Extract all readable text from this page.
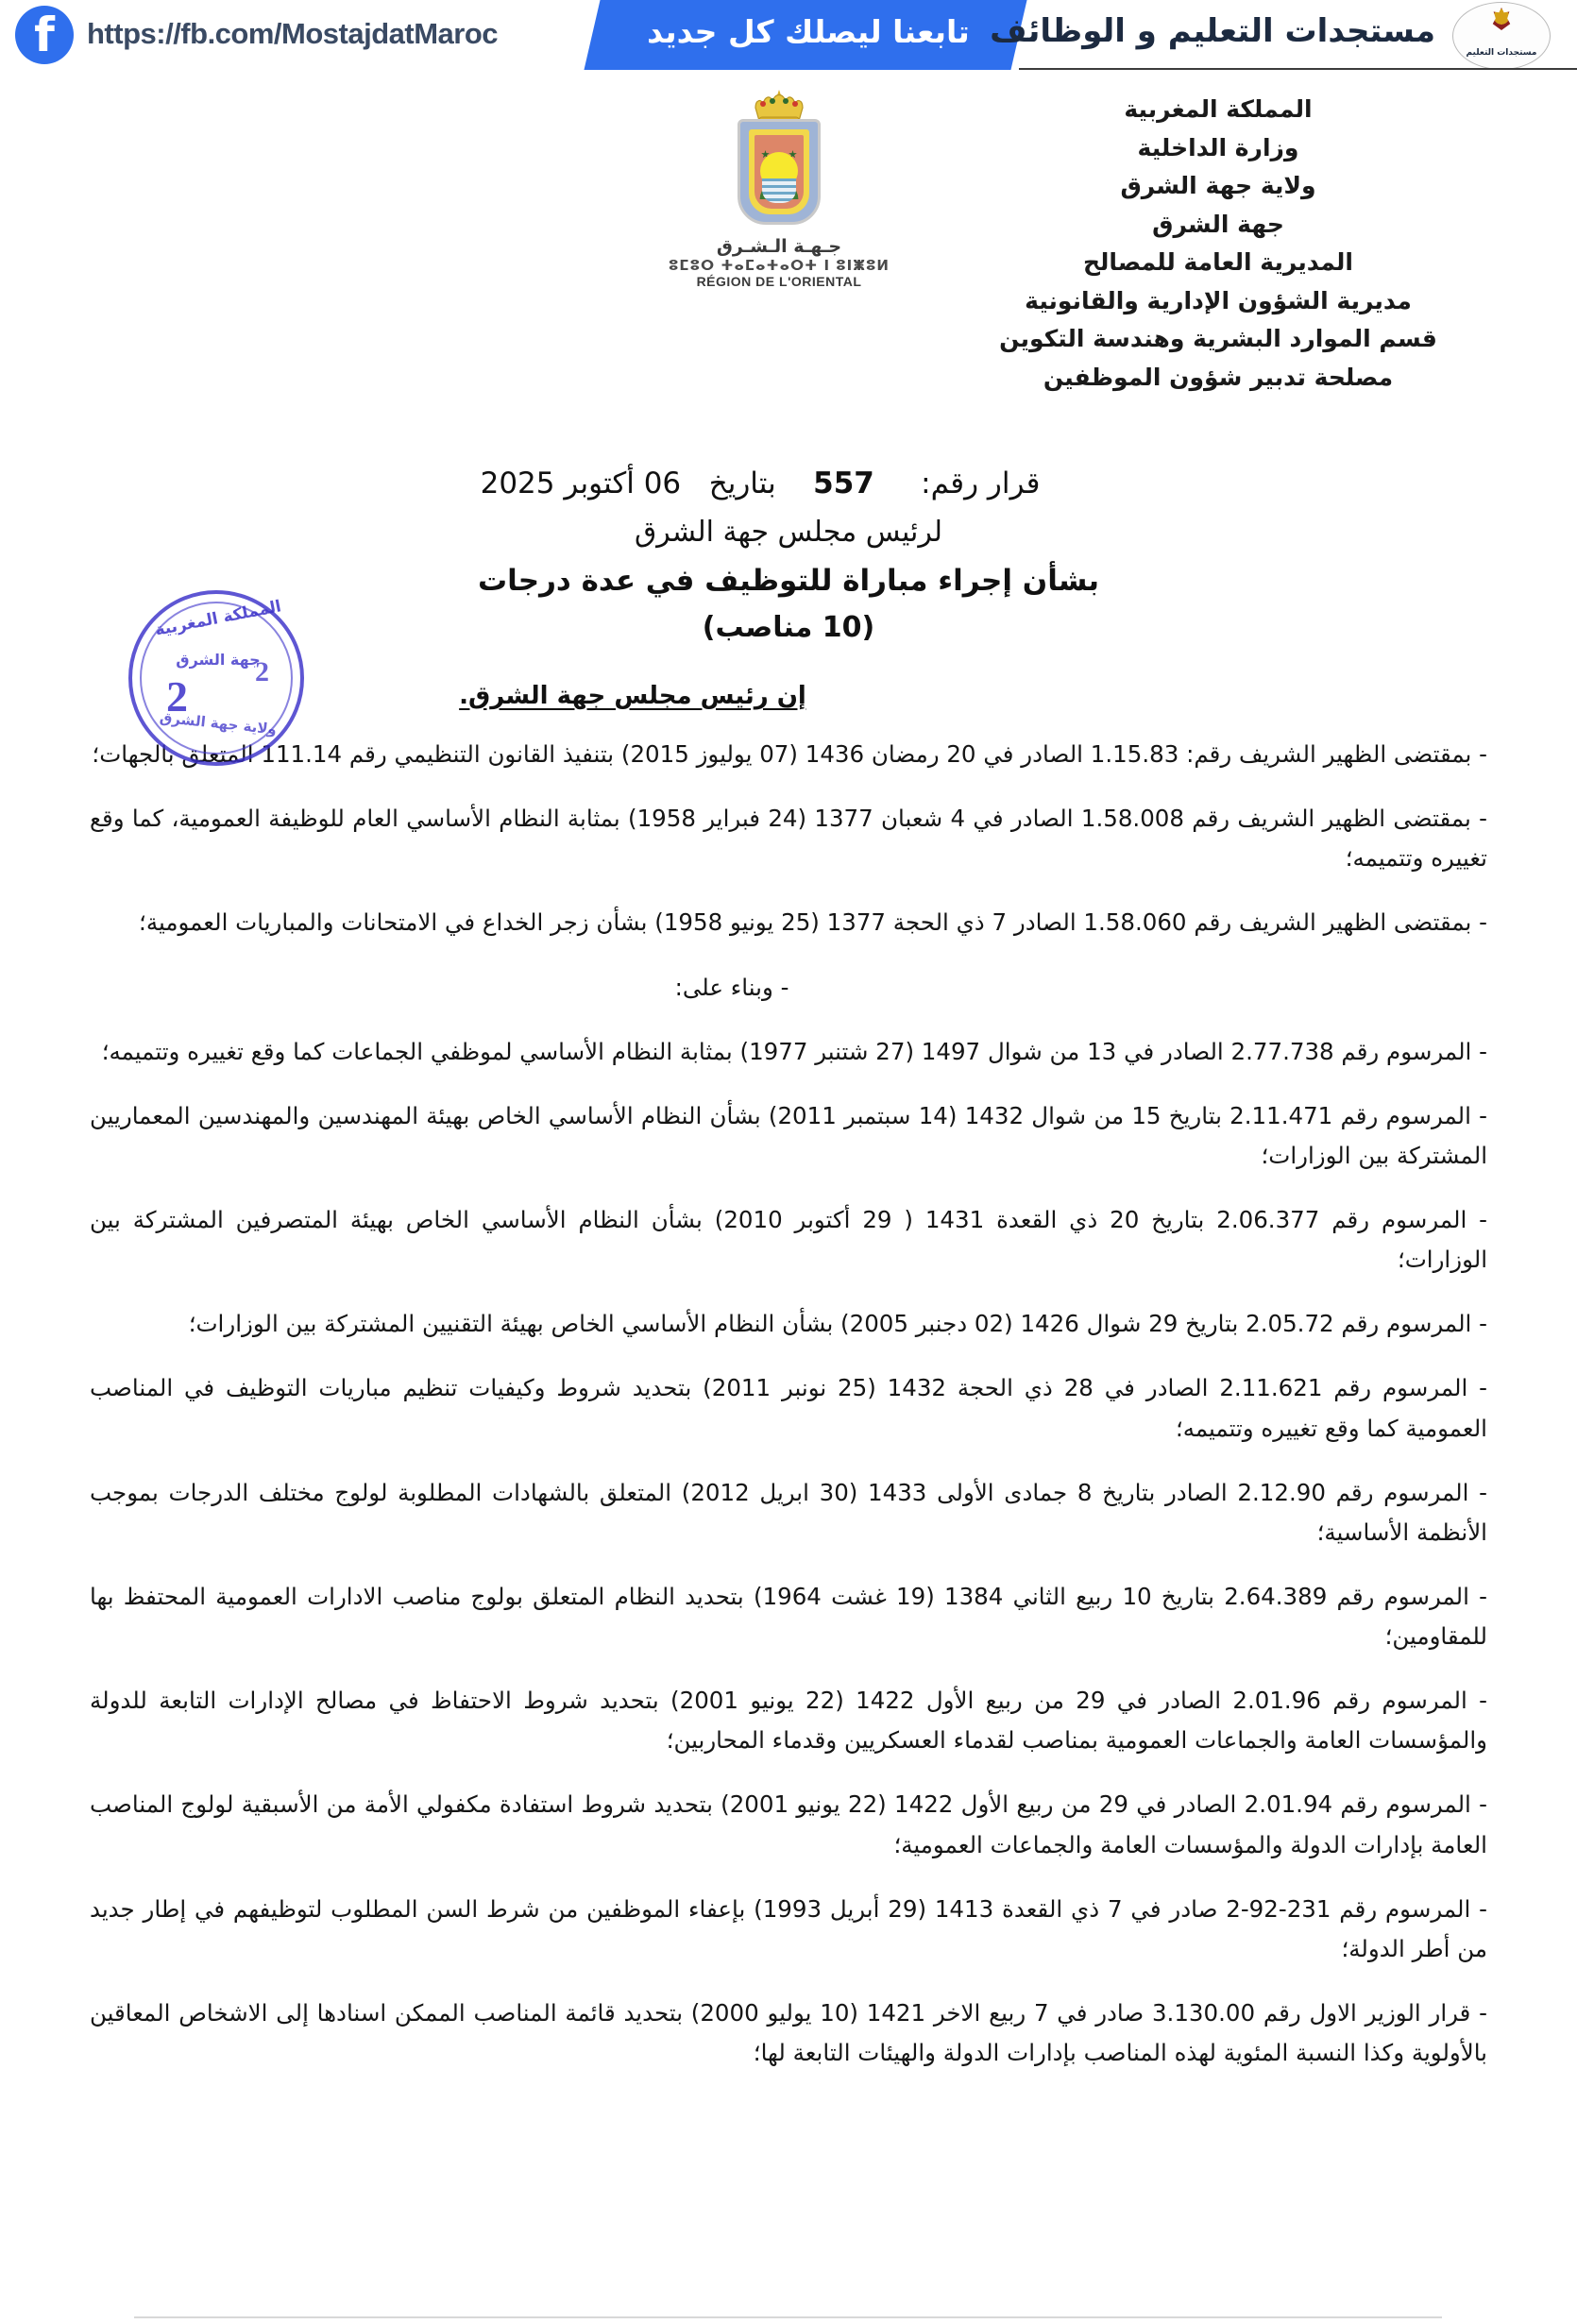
f https://fb.com/MostajdatMaroc	تابعنا ليصلك كل جديد مستجدات التعليم و الوظائف

مستجدات التعليم
المملكة المغربية
وزارة الداخلية
ولاية جهة الشرق
جهة الشرق
المديرية العامة للمصالح
مديرية الشؤون الإدارية والقانونية
قسم الموارد البشرية وهندسة التكوين
مصلحة تدبير شؤون الموظفين
جـهـة الـشـرق
ⵓⵎⵓⵔ ⵜⴰⵎⴰⵜⴰⵔⵜ ⵏ ⵓⵏⵥⵓⵍ
RÉGION DE L'ORIENTAL
المملكة المغربية
جهة الشرق
2
2
ولاية جهة الشرق
قرار رقم:     557    بتاريخ   06 أكتوبر 2025
لرئيس مجلس جهة الشرق
بشأن إجراء مباراة للتوظيف في عدة درجات
(10 مناصب)
إن رئيس مجلس جهة الشرق.
- بمقتضى الظهير الشريف رقم: 1.15.83 الصادر في 20 رمضان 1436 (07 يوليوز 2015) بتنفيذ القانون التنظيمي رقم 111.14 المتعلق بالجهات؛
- بمقتضى الظهير الشريف رقم 1.58.008 الصادر في 4 شعبان 1377 (24 فبراير 1958) بمثابة النظام الأساسي العام للوظيفة العمومية، كما وقع تغييره وتتميمه؛
- بمقتضى الظهير الشريف رقم 1.58.060 الصادر 7 ذي الحجة 1377 (25 يونيو 1958) بشأن زجر الخداع في الامتحانات والمباريات العمومية؛
- وبناء على:
- المرسوم رقم 2.77.738 الصادر في 13 من شوال 1497 (27 شتنبر 1977) بمثابة النظام الأساسي لموظفي الجماعات كما وقع تغييره وتتميمه؛
- المرسوم رقم 2.11.471 بتاريخ 15 من شوال 1432 (14 سبتمبر 2011) بشأن النظام الأساسي الخاص بهيئة المهندسين والمهندسين المعماريين المشتركة بين الوزارات؛
- المرسوم رقم 2.06.377 بتاريخ 20 ذي القعدة 1431 ( 29 أكتوبر 2010) بشأن النظام الأساسي الخاص بهيئة المتصرفين المشتركة بين الوزارات؛
- المرسوم رقم 2.05.72 بتاريخ 29 شوال 1426 (02 دجنبر 2005) بشأن النظام الأساسي الخاص بهيئة التقنيين المشتركة بين الوزارات؛
- المرسوم رقم 2.11.621 الصادر في 28 ذي الحجة 1432 (25 نونبر 2011) بتحديد شروط وكيفيات تنظيم مباريات التوظيف في المناصب العمومية كما وقع تغييره وتتميمه؛
- المرسوم رقم 2.12.90 الصادر بتاريخ 8 جمادى الأولى 1433 (30 ابريل 2012) المتعلق بالشهادات المطلوبة لولوج مختلف الدرجات بموجب الأنظمة الأساسية؛
- المرسوم رقم 2.64.389 بتاريخ 10 ربيع الثاني 1384 (19 غشت 1964) بتحديد النظام المتعلق بولوج مناصب الادارات العمومية المحتفظ بها للمقاومين؛
- المرسوم رقم 2.01.96 الصادر في 29 من ربيع الأول 1422 (22 يونيو 2001) بتحديد شروط الاحتفاظ في مصالح الإدارات التابعة للدولة والمؤسسات العامة والجماعات العمومية بمناصب لقدماء العسكريين وقدماء المحاربين؛
- المرسوم رقم 2.01.94 الصادر في 29 من ربيع الأول 1422 (22 يونيو 2001) بتحديد شروط استفادة مكفولي الأمة من الأسبقية لولوج المناصب العامة بإدارات الدولة والمؤسسات العامة والجماعات العمومية؛
- المرسوم رقم 231-92-2 صادر في 7 ذي القعدة 1413 (29 أبريل 1993) بإعفاء الموظفين من شرط السن المطلوب لتوظيفهم في إطار جديد من أطر الدولة؛
- قرار الوزير الاول رقم 3.130.00 صادر في 7 ربيع الاخر 1421 (10 يوليو 2000) بتحديد قائمة المناصب الممكن اسنادها إلى الاشخاص المعاقين بالأولوية وكذا النسبة المئوية لهذه المناصب بإدارات الدولة والهيئات التابعة لها؛
